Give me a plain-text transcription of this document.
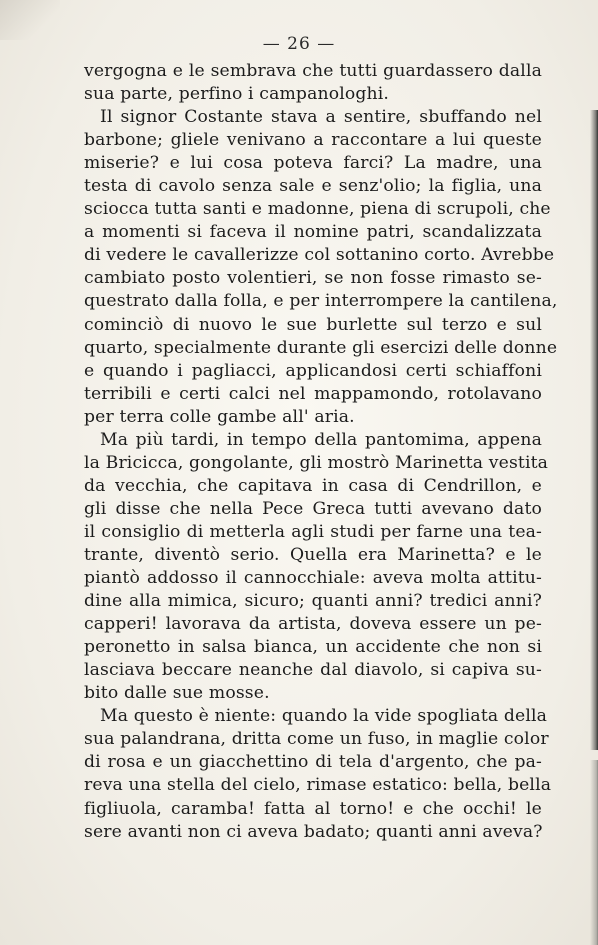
— 26 —
vergogna e le sembrava che tutti guardassero dalla
sua parte, perfino i campanologhi.
Il signor Costante stava a sentire, sbuffando nel
barbone; gliele venivano a raccontare a lui queste
miserie? e lui cosa poteva farci? La madre, una
testa di cavolo senza sale e senz'olio; la figlia, una
sciocca tutta santi e madonne, piena di scrupoli, che
a momenti si faceva il nomine patri, scandalizzata
di vedere le cavallerizze col sottanino corto. Avrebbe
cambiato posto volentieri, se non fosse rimasto se-
questrato dalla folla, e per interrompere la cantilena,
cominciò di nuovo le sue burlette sul terzo e sul
quarto, specialmente durante gli esercizi delle donne
e quando i pagliacci, applicandosi certi schiaffoni
terribili e certi calci nel mappamondo, rotolavano
per terra colle gambe all' aria.
Ma più tardi, in tempo della pantomima, appena
la Bricicca, gongolante, gli mostrò Marinetta vestita
da vecchia, che capitava in casa di Cendrillon, e
gli disse che nella Pece Greca tutti avevano dato
il consiglio di metterla agli studi per farne una tea-
trante, diventò serio. Quella era Marinetta? e le
piantò addosso il cannocchiale: aveva molta attitu-
dine alla mimica, sicuro; quanti anni? tredici anni?
capperi! lavorava da artista, doveva essere un pe-
peronetto in salsa bianca, un accidente che non si
lasciava beccare neanche dal diavolo, si capiva su-
bito dalle sue mosse.
Ma questo è niente: quando la vide spogliata della
sua palandrana, dritta come un fuso, in maglie color
di rosa e un giacchettino di tela d'argento, che pa-
reva una stella del cielo, rimase estatico: bella, bella
figliuola, caramba! fatta al torno! e che occhi! le
sere avanti non ci aveva badato; quanti anni aveva?
